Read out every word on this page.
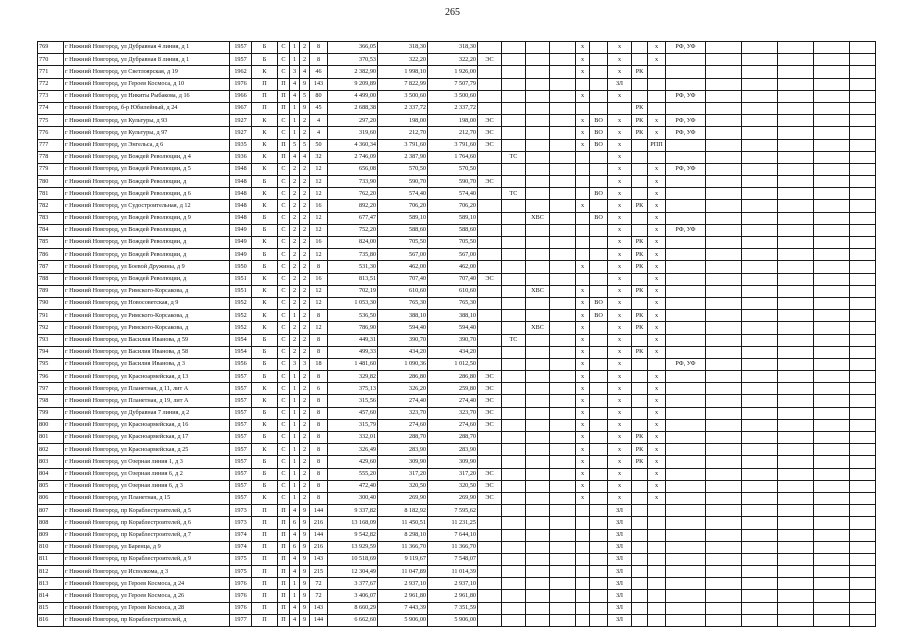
265
769	г Нижний Новгород, ул Дубравная 4 линия, д 1	1957	Б	С	1	2	8	366,05	318,30	318,30					x		x		x	РФ, УФ					
770	г Нижний Новгород, ул Дубравная 8 линия, д 1	1957	Б	С	1	2	8	370,53	322,20	322,20	ЭС				x		x		x						
771	г Нижний Новгород, ул Светлоярская, д 19	1962	К	С	3	4	46	2 382,90	1 998,10	1 926,00					x		x	РК							
772	г Нижний Новгород, ул Героев Космоса, д 10	1976	П	П	4	9	143	9 209,89	7 822,99	7 507,79							ЗЛ								
773	г Нижний Новгород, ул Никиты Рыбакова, д 16	1966	П	П	4	5	80	4 499,00	3 500,60	3 500,60					x		x			РФ, УФ					
774	г Нижний Новгород, б-р Юбилейный, д 24	1967	П	П	1	9	45	2 688,38	2 337,72	2 337,72								РК							
775	г Нижний Новгород, ул Культуры, д 93	1927	К	С	1	2	4	297,20	198,00	198,00	ЭС				x	ВО	x	РК	x	РФ, УФ					
776	г Нижний Новгород, ул Культуры, д 97	1927	К	С	1	2	4	319,60	212,70	212,70	ЭС				x	ВО	x	РК	x	РФ, УФ					
777	г Нижний Новгород, ул Энгельса, д 6	1935	К	П	5	5	50	4 360,34	3 791,60	3 791,60	ЭС				x	ВО	x		РПП						
778	г Нижний Новгород, ул Вождей Революции, д 4	1936	К	П	4	4	32	2 746,09	2 387,90	1 764,60		ТС					x								
779	г Нижний Новгород, ул Вождей Революции, д 5	1948	К	С	2	2	12	656,08	570,50	570,50							x		x	РФ, УФ					
780	г Нижний Новгород, ул Вождей Революции, д	1948	Б	С	2	2	12	733,90	590,70	590,70	ЭС						x		x						
781	г Нижний Новгород, ул Вождей Революции, д 6	1948	К	С	2	2	12	762,20	574,40	574,40		ТС				ВО	x		x						
782	г Нижний Новгород, ул Судостроительная, д 12	1948	К	С	2	2	16	892,20	706,20	706,20					x		x	РК	x						
783	г Нижний Новгород, ул Вождей Революции, д 9	1948	Б	С	2	2	12	677,47	589,10	589,10			ХВС			ВО	x		x						
784	г Нижний Новгород, ул Вождей Революции, д	1949	Б	С	2	2	12	752,20	588,60	588,60							x		x	РФ, УФ					
785	г Нижний Новгород, ул Вождей Революции, д	1949	К	С	2	2	16	824,00	705,50	705,50							x	РК	x						
786	г Нижний Новгород, ул Вождей Революции, д	1949	Б	С	2	2	12	735,80	567,00	567,00							x	РК	x						
787	г Нижний Новгород, ул Боевой Дружины, д 9	1950	Б	С	2	2	8	531,30	462,00	462,00					x		x	РК	x						
788	г Нижний Новгород, ул Вождей Революции, д	1951	К	С	2	2	16	813,51	707,40	707,40	ЭС						x		x						
789	г Нижний Новгород, ул Римского-Корсакова, д	1951	К	С	2	2	12	702,19	610,60	610,60			ХВС		x		x	РК	x						
790	г Нижний Новгород, ул Новосоветская, д 9	1952	К	С	2	2	12	1 053,30	765,30	765,30					x	ВО	x		x						
791	г Нижний Новгород, ул Римского-Корсакова, д	1952	К	С	1	2	8	536,50	388,10	388,10					x	ВО	x	РК	x						
792	г Нижний Новгород, ул Римского-Корсакова, д	1952	К	С	2	2	12	786,90	594,40	594,40			ХВС		x		x	РК	x						
793	г Нижний Новгород, ул Василия Иванова, д 59	1954	Б	С	2	2	8	449,31	390,70	390,70		ТС			x		x		x						
794	г Нижний Новгород, ул Василия Иванова, д 58	1954	Б	С	2	2	8	499,33	434,20	434,20					x		x	РК	x						
795	г Нижний Новгород, ул Василия Иванова, д 3	1956	Б	С	3	3	18	1 481,60	1 090,36	1 012,50					x		x			РФ, УФ					
796	г Нижний Новгород, ул Красноармейская, д 13	1957	Б	С	1	2	8	329,82	286,80	286,80	ЭС				x		x		x						
797	г Нижний Новгород, ул Планетная, д 11, лит А	1957	К	С	1	2	6	375,13	326,20	259,80	ЭС				x		x		x						
798	г Нижний Новгород, ул Планетная, д 19, лит А	1957	К	С	1	2	8	315,56	274,40	274,40	ЭС				x		x		x						
799	г Нижний Новгород, ул Дубравная 7 линия, д 2	1957	Б	С	1	2	8	457,60	323,70	323,70	ЭС				x		x		x						
800	г Нижний Новгород, ул Красноармейская, д 16	1957	К	С	1	2	8	315,79	274,60	274,60	ЭС				x		x		x						
801	г Нижний Новгород, ул Красноармейская, д 17	1957	Б	С	1	2	8	332,01	288,70	288,70					x		x	РК	x						
802	г Нижний Новгород, ул Красноармейская, д 25	1957	К	С	1	2	8	326,49	283,90	283,90					x		x	РК	x						
803	г Нижний Новгород, ул Озерная линия 1, д 3	1957	Б	С	1	2	8	429,60	309,90	309,90					x		x	РК	x						
804	г Нижний Новгород, ул Озерная линия 6, д 2	1957	Б	С	1	2	8	555,20	317,20	317,20	ЭС				x		x		x						
805	г Нижний Новгород, ул Озерная линия 6, д 3	1957	Б	С	1	2	8	472,40	320,50	320,50	ЭС				x		x		x						
806	г Нижний Новгород, ул Планетная, д 15	1957	К	С	1	2	8	300,40	269,90	269,90	ЭС				x		x		x						
807	г Нижний Новгород, пр Кораблестроителей, д 5	1973	П	П	4	9	144	9 337,82	8 182,92	7 595,62							ЗЛ								
808	г Нижний Новгород, пр Кораблестроителей, д 6	1973	П	П	6	9	216	13 168,09	11 450,51	11 231,25							ЗЛ								
809	г Нижний Новгород, пр Кораблестроителей, д 7	1974	П	П	4	9	144	9 542,82	8 298,10	7 644,10							ЗЛ								
810	г Нижний Новгород, ул Баренца, д 9	1974	П	П	6	9	216	13 929,59	11 366,70	11 366,70							ЗЛ								
811	г Нижний Новгород, пр Кораблестроителей, д 9	1975	П	П	4	9	143	10 518,69	9 119,67	7 548,07							ЗЛ								
812	г Нижний Новгород, ул Исполкома, д 3	1975	П	П	4	9	215	12 304,49	11 047,89	11 014,39							ЗЛ								
813	г Нижний Новгород, ул Героев Космоса, д 24	1976	П	П	1	9	72	3 377,67	2 937,10	2 937,10							ЗЛ								
814	г Нижний Новгород, ул Героев Космоса, д 26	1976	П	П	1	9	72	3 406,07	2 961,80	2 961,80							ЗЛ								
815	г Нижний Новгород, ул Героев Космоса, д 28	1976	П	П	4	9	143	8 660,29	7 443,39	7 351,59							ЗЛ								
816	г Нижний Новгород, пр Кораблестроителей, д	1977	П	П	4	9	144	6 662,60	5 906,00	5 906,00							ЗЛ								
